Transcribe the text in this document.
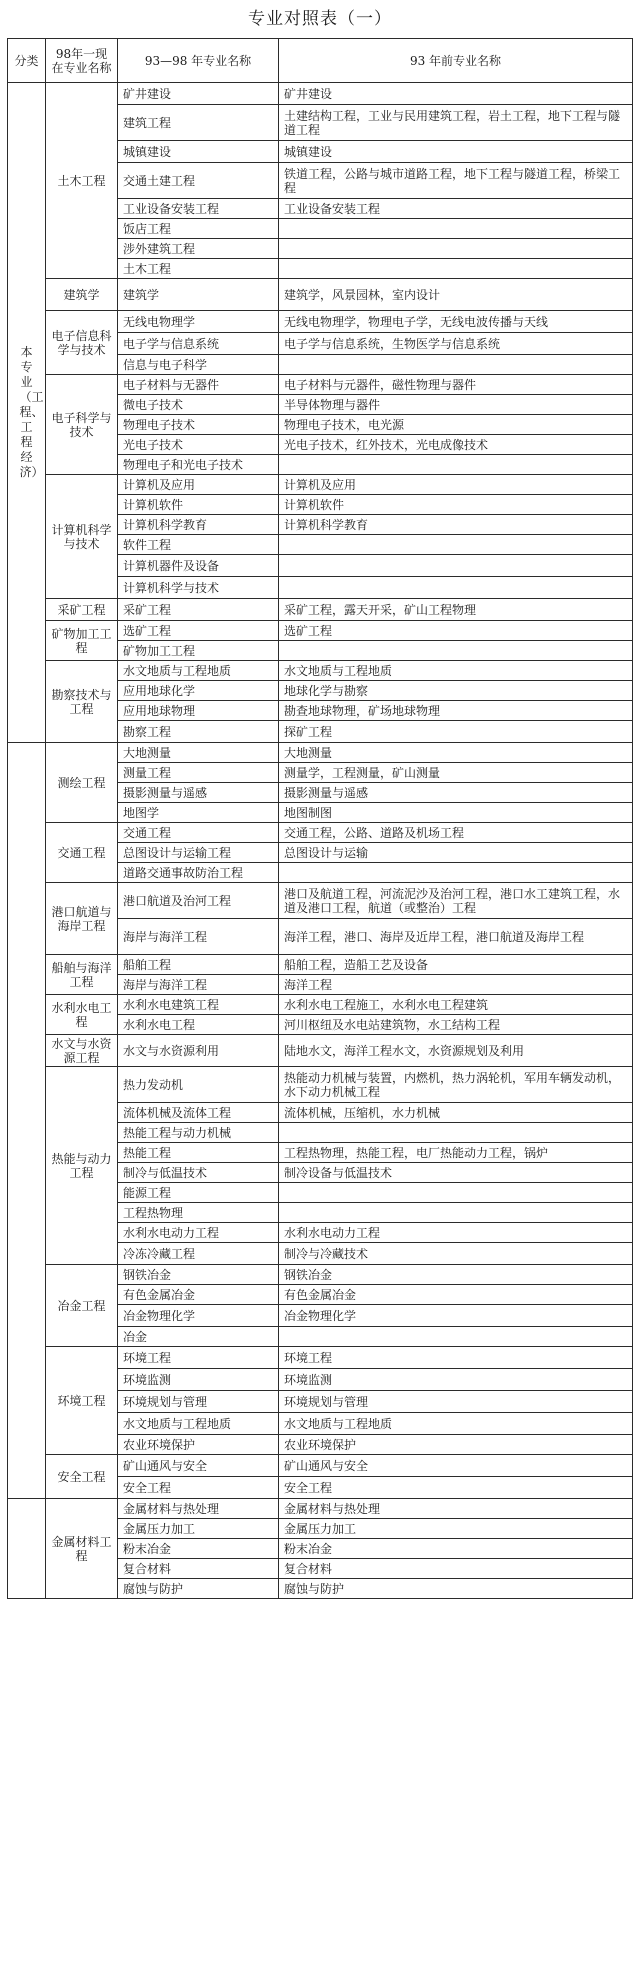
专业对照表（一）
分类	98年一现在专业名称	93—98 年专业名称	93 年前专业名称
本专业（工程、工程经济）	土木工程	矿井建设	矿井建设
		建筑工程	土建结构工程，工业与民用建筑工程，岩土工程，地下工程与隧道工程
		城镇建设	城镇建设
		交通土建工程	铁道工程，公路与城市道路工程，地下工程与隧道工程，桥梁工程
		工业设备安装工程	工业设备安装工程
		饭店工程	
		涉外建筑工程	
		土木工程	
	建筑学	建筑学	建筑学，风景园林，室内设计
	电子信息科学与技术	无线电物理学	无线电物理学，物理电子学，无线电波传播与天线
		电子学与信息系统	电子学与信息系统，生物医学与信息系统
		信息与电子科学	
	电子科学与技术	电子材料与无器件	电子材料与元器件，磁性物理与器件
		微电子技术	半导体物理与器件
		物理电子技术	物理电子技术，电光源
		光电子技术	光电子技术，红外技术，光电成像技术
		物理电子和光电子技术	
	计算机科学与技术	计算机及应用	计算机及应用
		计算机软件	计算机软件
		计算机科学教育	计算机科学教育
		软件工程	
		计算机器件及设备	
		计算机科学与技术	
	采矿工程	采矿工程	采矿工程，露天开采，矿山工程物理
	矿物加工工程	选矿工程	选矿工程
		矿物加工工程	
	勘察技术与工程	水文地质与工程地质	水文地质与工程地质
		应用地球化学	地球化学与勘察
		应用地球物理	勘查地球物理，矿场地球物理
		勘察工程	探矿工程
	测绘工程	大地测量	大地测量
		测量工程	测量学，工程测量，矿山测量
		摄影测量与遥感	摄影测量与遥感
		地图学	地图制图
	交通工程	交通工程	交通工程，公路、道路及机场工程
		总图设计与运输工程	总图设计与运输
		道路交通事故防治工程	
	港口航道与海岸工程	港口航道及治河工程	港口及航道工程，河流泥沙及治河工程，港口水工建筑工程，水道及港口工程，航道（或整治）工程
		海岸与海洋工程	海洋工程，港口、海岸及近岸工程，港口航道及海岸工程
	船舶与海洋工程	船舶工程	船舶工程，造船工艺及设备
		海岸与海洋工程	海洋工程
	水利水电工程	水利水电建筑工程	水利水电工程施工，水利水电工程建筑
		水利水电工程	河川枢纽及水电站建筑物，水工结构工程
	水文与水资源工程	水文与水资源利用	陆地水文，海洋工程水文，水资源规划及利用
	热能与动力工程	热力发动机	热能动力机械与装置，内燃机，热力涡轮机，军用车辆发动机，水下动力机械工程
		流体机械及流体工程	流体机械，压缩机，水力机械
		热能工程与动力机械	
		热能工程	工程热物理，热能工程，电厂热能动力工程，锅炉
		制冷与低温技术	制冷设备与低温技术
		能源工程	
		工程热物理	
		水利水电动力工程	水利水电动力工程
		冷冻冷藏工程	制冷与冷藏技术
	冶金工程	钢铁冶金	钢铁冶金
		有色金属冶金	有色金属冶金
		冶金物理化学	冶金物理化学
		冶金	
	环境工程	环境工程	环境工程
		环境监测	环境监测
		环境规划与管理	环境规划与管理
		水文地质与工程地质	水文地质与工程地质
		农业环境保护	农业环境保护
	安全工程	矿山通风与安全	矿山通风与安全
		安全工程	安全工程
	金属材料工程	金属材料与热处理	金属材料与热处理
		金属压力加工	金属压力加工
		粉末冶金	粉末冶金
		复合材料	复合材料
		腐蚀与防护	腐蚀与防护
